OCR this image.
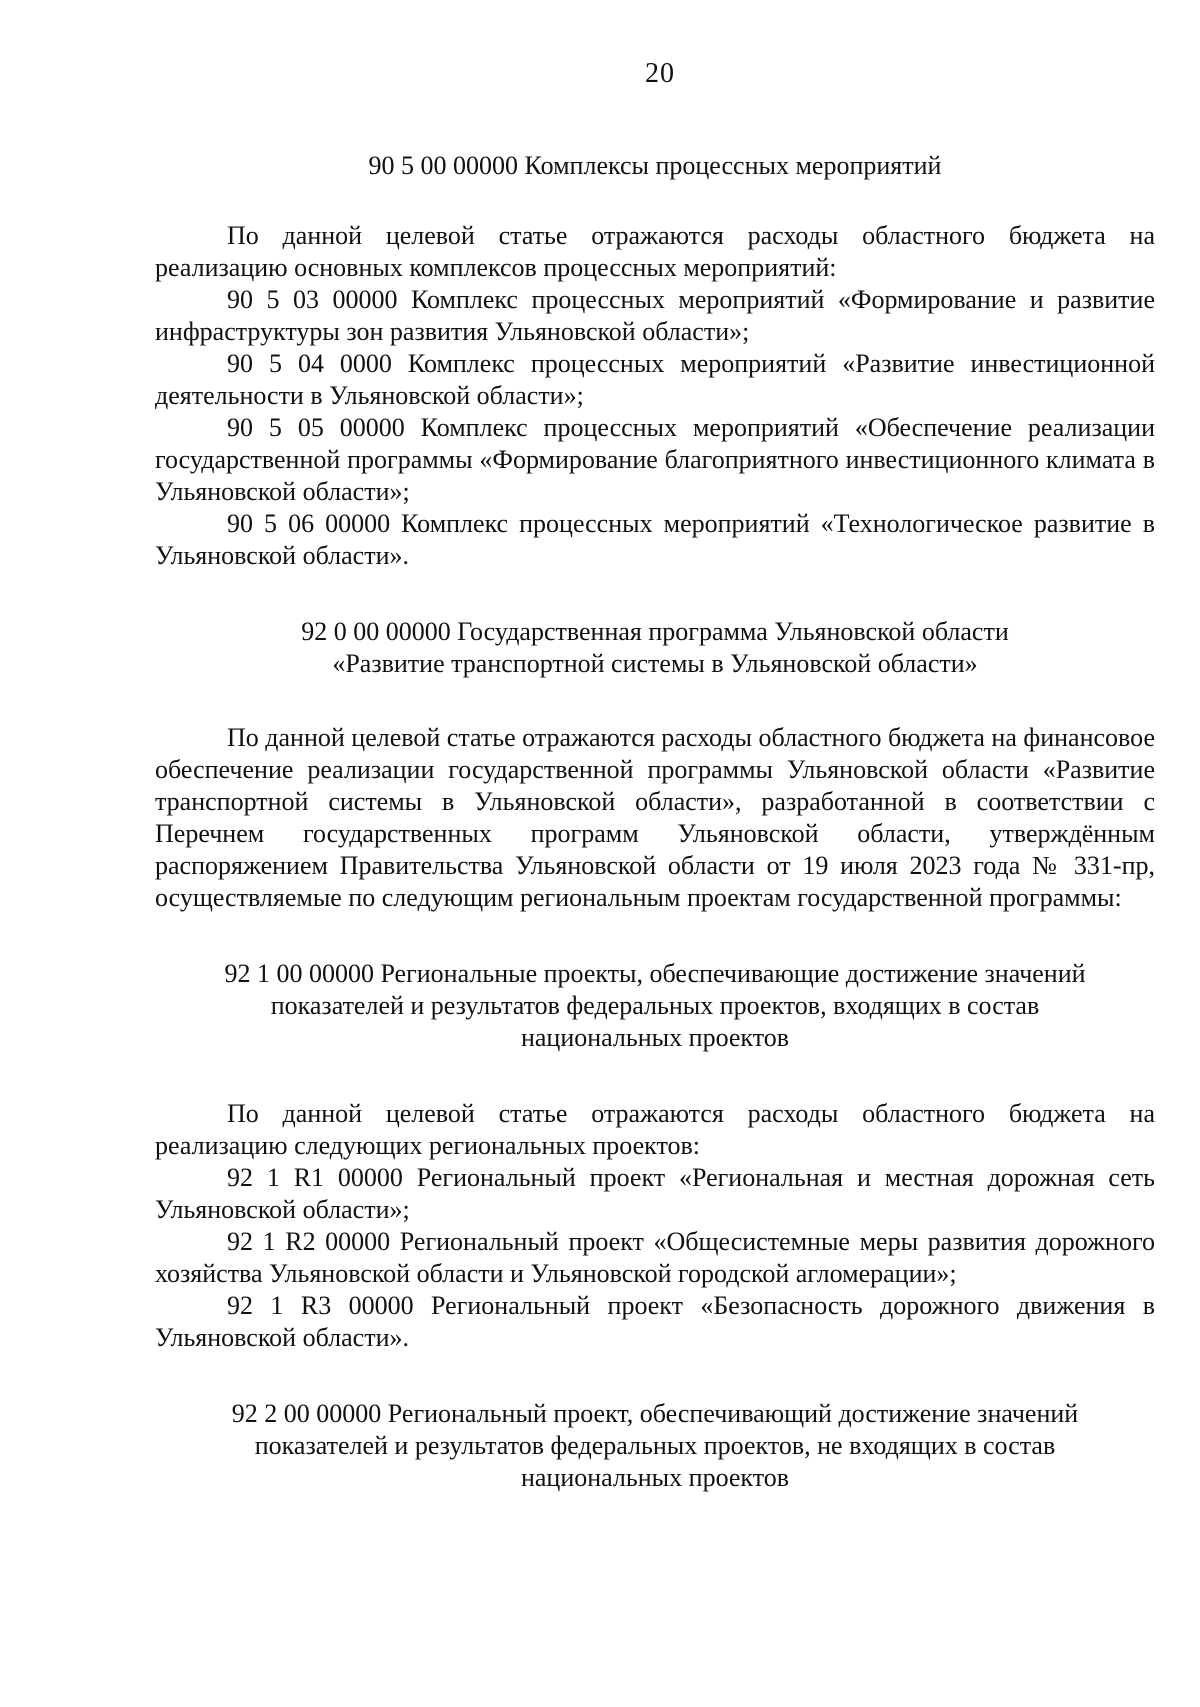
20

90 5 00 00000 Комплексы процессных мероприятий

По данной целевой статье отражаются расходы областного бюджета на реализацию основных комплексов процессных мероприятий:

90 5 03 00000 Комплекс процессных мероприятий «Формирование и развитие инфраструктуры зон развития Ульяновской области»;

90 5 04 0000 Комплекс процессных мероприятий «Развитие инвестиционной деятельности в Ульяновской области»;

90 5 05 00000 Комплекс процессных мероприятий «Обеспечение реализации государственной программы «Формирование благоприятного инвестиционного климата в Ульяновской области»;

90 5 06 00000 Комплекс процессных мероприятий «Технологическое развитие в Ульяновской области».

92 0 00 00000 Государственная программа Ульяновской области

«Развитие транспортной системы в Ульяновской области»

По данной целевой статье отражаются расходы областного бюджета на финансовое обеспечение реализации государственной программы Ульяновской области «Развитие транспортной системы в Ульяновской области», разработанной в соответствии с Перечнем государственных программ Ульяновской области, утверждённым распоряжением Правительства Ульяновской области от 19 июля 2023 года № 331-пр, осуществляемые по следующим региональным проектам государственной программы:

92 1 00 00000 Региональные проекты, обеспечивающие достижение значений

показателей и результатов федеральных проектов, входящих в состав

национальных проектов

По данной целевой статье отражаются расходы областного бюджета на реализацию следующих региональных проектов:

92 1 R1 00000 Региональный проект «Региональная и местная дорожная сеть Ульяновской области»;

92 1 R2 00000 Региональный проект «Общесистемные меры развития дорожного хозяйства Ульяновской области и Ульяновской городской агломерации»;

92 1 R3 00000 Региональный проект «Безопасность дорожного движения в Ульяновской области».

92 2 00 00000 Региональный проект, обеспечивающий достижение значений

показателей и результатов федеральных проектов, не входящих в состав

национальных проектов
